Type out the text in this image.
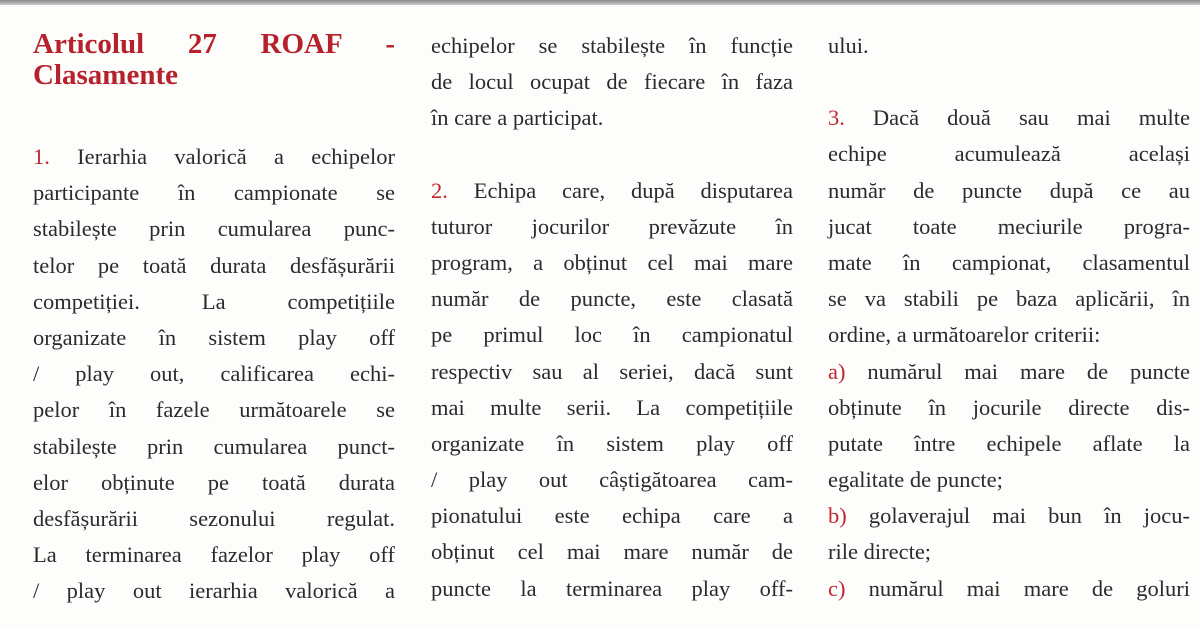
Articolul 27 ROAF -
Clasamente
1. Ierarhia valorică a echipelor
participante în campionate se
stabilește prin cumularea punc-
telor pe toată durata desfășurării
competiției. La competițiile
organizate în sistem play off
/ play out, calificarea echi-
pelor în fazele următoarele se
stabilește prin cumularea punct-
elor obținute pe toată durata
desfășurării sezonului regulat.
La terminarea fazelor play off
/ play out ierarhia valorică a
echipelor se stabilește în funcție
de locul ocupat de fiecare în faza
în care a participat.
2. Echipa care, după disputarea
tuturor jocurilor prevăzute în
program, a obținut cel mai mare
număr de puncte, este clasată
pe primul loc în campionatul
respectiv sau al seriei, dacă sunt
mai multe serii. La competițiile
organizate în sistem play off
/ play out câștigătoarea cam-
pionatului este echipa care a
obținut cel mai mare număr de
puncte la terminarea play off-
ului.
3. Dacă două sau mai multe
echipe acumulează același
număr de puncte după ce au
jucat toate meciurile progra-
mate în campionat, clasamentul
se va stabili pe baza aplicării, în
ordine, a următoarelor criterii:
a) numărul mai mare de puncte
obținute în jocurile directe dis-
putate între echipele aflate la
egalitate de puncte;
b) golaverajul mai bun în jocu-
rile directe;
c) numărul mai mare de goluri
